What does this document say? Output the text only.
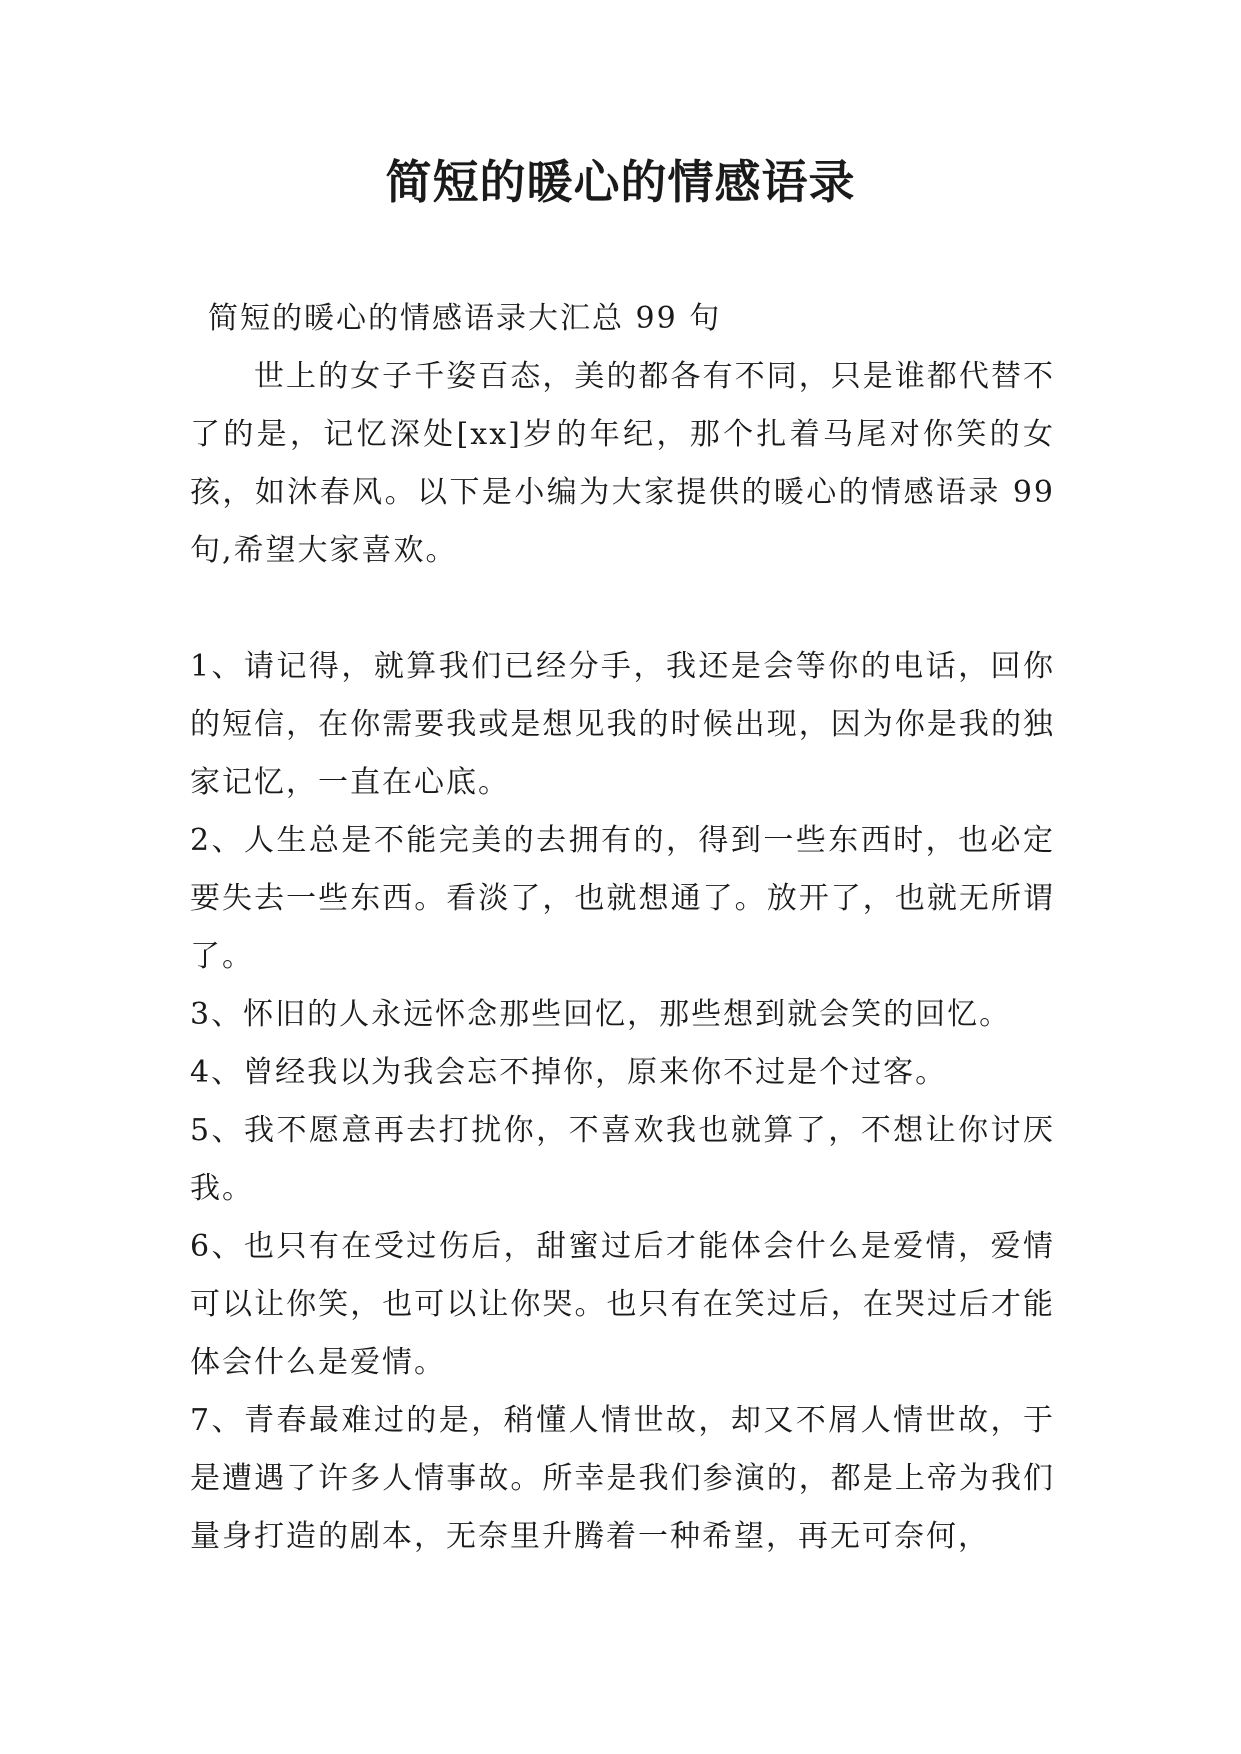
简短的暖心的情感语录

简短的暖心的情感语录大汇总 99 句

世上的女子千姿百态，美的都各有不同，只是谁都代替不了的是，记忆深处[xx]岁的年纪，那个扎着马尾对你笑的女孩，如沐春风。以下是小编为大家提供的暖心的情感语录 99 句,希望大家喜欢。

1、请记得，就算我们已经分手，我还是会等你的电话，回你的短信，在你需要我或是想见我的时候出现，因为你是我的独家记忆，一直在心底。

2、人生总是不能完美的去拥有的，得到一些东西时，也必定要失去一些东西。看淡了，也就想通了。放开了，也就无所谓了。

3、怀旧的人永远怀念那些回忆，那些想到就会笑的回忆。

4、曾经我以为我会忘不掉你，原来你不过是个过客。

5、我不愿意再去打扰你，不喜欢我也就算了，不想让你讨厌我。

6、也只有在受过伤后，甜蜜过后才能体会什么是爱情，爱情可以让你笑，也可以让你哭。也只有在笑过后，在哭过后才能体会什么是爱情。

7、青春最难过的是，稍懂人情世故，却又不屑人情世故，于是遭遇了许多人情事故。所幸是我们参演的，都是上帝为我们量身打造的剧本，无奈里升腾着一种希望，再无可奈何，
